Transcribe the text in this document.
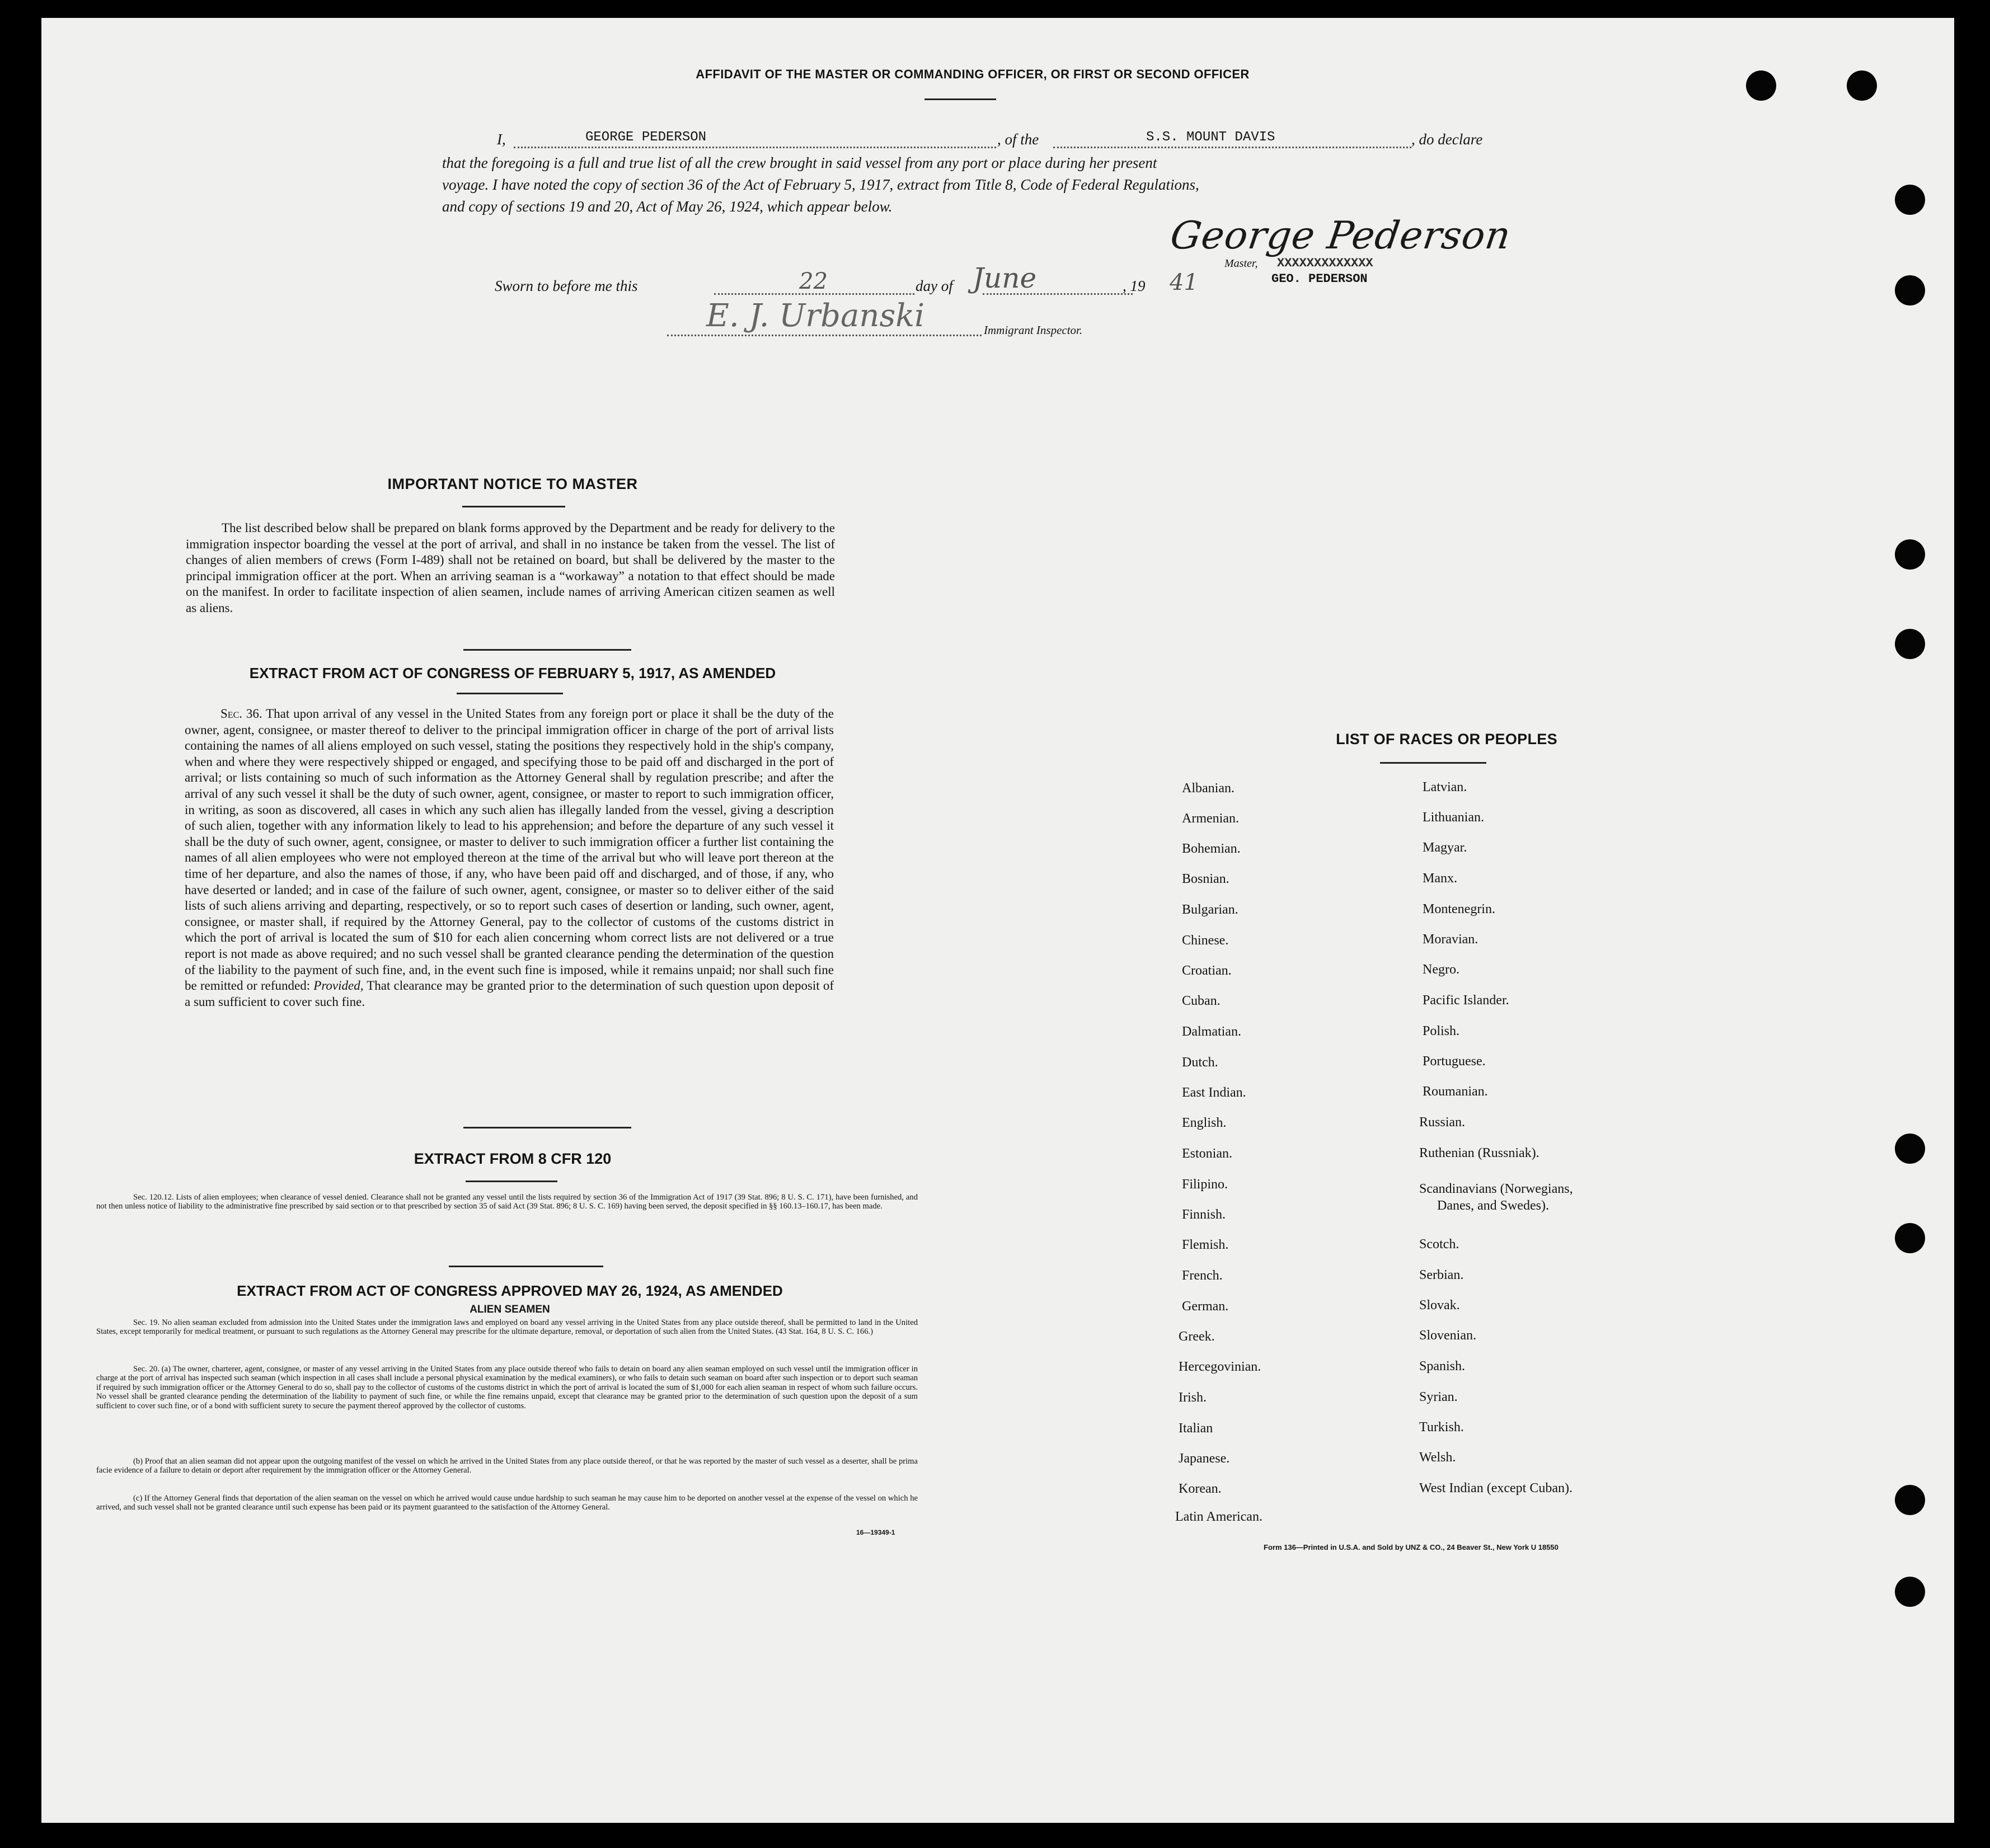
AFFIDAVIT OF THE MASTER OR COMMANDING OFFICER, OR FIRST OR SECOND OFFICER
I,	GEORGE PEDERSON	, of the	S.S. MOUNT DAVIS	, do declare
that the foregoing is a full and true list of all the crew brought in said vessel from any port or place during her present
voyage. I have noted the copy of section 36 of the Act of February 5, 1917, extract from Title 8, Code of Federal Regulations,
and copy of sections 19 and 20, Act of May 26, 1924, which appear below.
George Pederson
Master, XXXXXXXXXXXXX
GEO. PEDERSON
Sworn to before me this	22	day of June	, 19 41
E. J. Urbanski	Immigrant Inspector.
IMPORTANT NOTICE TO MASTER
The list described below shall be prepared on blank forms approved by the Department and be ready for delivery to the immigration inspector boarding the vessel at the port of arrival, and shall in no instance be taken from the vessel. The list of changes of alien members of crews (Form I-489) shall not be retained on board, but shall be delivered by the master to the principal immigration officer at the port. When an arriving seaman is a “workaway” a notation to that effect should be made on the manifest. In order to facilitate inspection of alien seamen, include names of arriving American citizen seamen as well as aliens.
EXTRACT FROM ACT OF CONGRESS OF FEBRUARY 5, 1917, AS AMENDED
Sec. 36. That upon arrival of any vessel in the United States from any foreign port or place it shall be the duty of the owner, agent, consignee, or master thereof to deliver to the principal immigration officer in charge of the port of arrival lists containing the names of all aliens employed on such vessel, stating the positions they respectively hold in the ship's company, when and where they were respectively shipped or engaged, and specifying those to be paid off and discharged in the port of arrival; or lists containing so much of such information as the Attorney General shall by regulation prescribe; and after the arrival of any such vessel it shall be the duty of such owner, agent, consignee, or master to report to such immigration officer, in writing, as soon as discovered, all cases in which any such alien has illegally landed from the vessel, giving a description of such alien, together with any information likely to lead to his apprehension; and before the departure of any such vessel it shall be the duty of such owner, agent, consignee, or master to deliver to such immigration officer a further list containing the names of all alien employees who were not employed thereon at the time of the arrival but who will leave port thereon at the time of her departure, and also the names of those, if any, who have been paid off and discharged, and of those, if any, who have deserted or landed; and in case of the failure of such owner, agent, consignee, or master so to deliver either of the said lists of such aliens arriving and departing, respectively, or so to report such cases of desertion or landing, such owner, agent, consignee, or master shall, if required by the Attorney General, pay to the collector of customs of the customs district in which the port of arrival is located the sum of $10 for each alien concerning whom correct lists are not delivered or a true report is not made as above required; and no such vessel shall be granted clearance pending the determination of the question of the liability to the payment of such fine, and, in the event such fine is imposed, while it remains unpaid; nor shall such fine be remitted or refunded: Provided, That clearance may be granted prior to the determination of such question upon deposit of a sum sufficient to cover such fine.
EXTRACT FROM 8 CFR 120
Sec. 120.12. Lists of alien employees; when clearance of vessel denied. Clearance shall not be granted any vessel until the lists required by section 36 of the Immigration Act of 1917 (39 Stat. 896; 8 U. S. C. 171), have been furnished, and not then unless notice of liability to the administrative fine prescribed by said section or to that prescribed by section 35 of said Act (39 Stat. 896; 8 U. S. C. 169) having been served, the deposit specified in §§ 160.13–160.17, has been made.
EXTRACT FROM ACT OF CONGRESS APPROVED MAY 26, 1924, AS AMENDED
ALIEN SEAMEN
Sec. 19. No alien seaman excluded from admission into the United States under the immigration laws and employed on board any vessel arriving in the United States from any place outside thereof, shall be permitted to land in the United States, except temporarily for medical treatment, or pursuant to such regulations as the Attorney General may prescribe for the ultimate departure, removal, or deportation of such alien from the United States. (43 Stat. 164, 8 U. S. C. 166.)
Sec. 20. (a) The owner, charterer, agent, consignee, or master of any vessel arriving in the United States from any place outside thereof who fails to detain on board any alien seaman employed on such vessel until the immigration officer in charge at the port of arrival has inspected such seaman (which inspection in all cases shall include a personal physical examination by the medical examiners), or who fails to detain such seaman on board after such inspection or to deport such seaman if required by such immigration officer or the Attorney General to do so, shall pay to the collector of customs of the customs district in which the port of arrival is located the sum of $1,000 for each alien seaman in respect of whom such failure occurs. No vessel shall be granted clearance pending the determination of the liability to payment of such fine, or while the fine remains unpaid, except that clearance may be granted prior to the determination of such question upon the deposit of a sum sufficient to cover such fine, or of a bond with sufficient surety to secure the payment thereof approved by the collector of customs.
(b) Proof that an alien seaman did not appear upon the outgoing manifest of the vessel on which he arrived in the United States from any place outside thereof, or that he was reported by the master of such vessel as a deserter, shall be prima facie evidence of a failure to detain or deport after requirement by the immigration officer or the Attorney General.
(c) If the Attorney General finds that deportation of the alien seaman on the vessel on which he arrived would cause undue hardship to such seaman he may cause him to be deported on another vessel at the expense of the vessel on which he arrived, and such vessel shall not be granted clearance until such expense has been paid or its payment guaranteed to the satisfaction of the Attorney General.
16—19349-1
LIST OF RACES OR PEOPLES
Albanian.
Armenian.
Bohemian.
Bosnian.
Bulgarian.
Chinese.
Croatian.
Cuban.
Dalmatian.
Dutch.
East Indian.
English.
Estonian.
Filipino.
Finnish.
Flemish.
French.
German.
Greek.
Hercegovinian.
Irish.
Italian
Japanese.
Korean.
Latin American.
Latvian.
Lithuanian.
Magyar.
Manx.
Montenegrin.
Moravian.
Negro.
Pacific Islander.
Polish.
Portuguese.
Roumanian.
Russian.
Ruthenian (Russniak).
Scandinavians (Norwegians,
Danes, and Swedes).
Scotch.
Serbian.
Slovak.
Slovenian.
Spanish.
Syrian.
Turkish.
Welsh.
West Indian (except Cuban).
Form 136—Printed in U.S.A. and Sold by UNZ & CO., 24 Beaver St., New York U 18550
